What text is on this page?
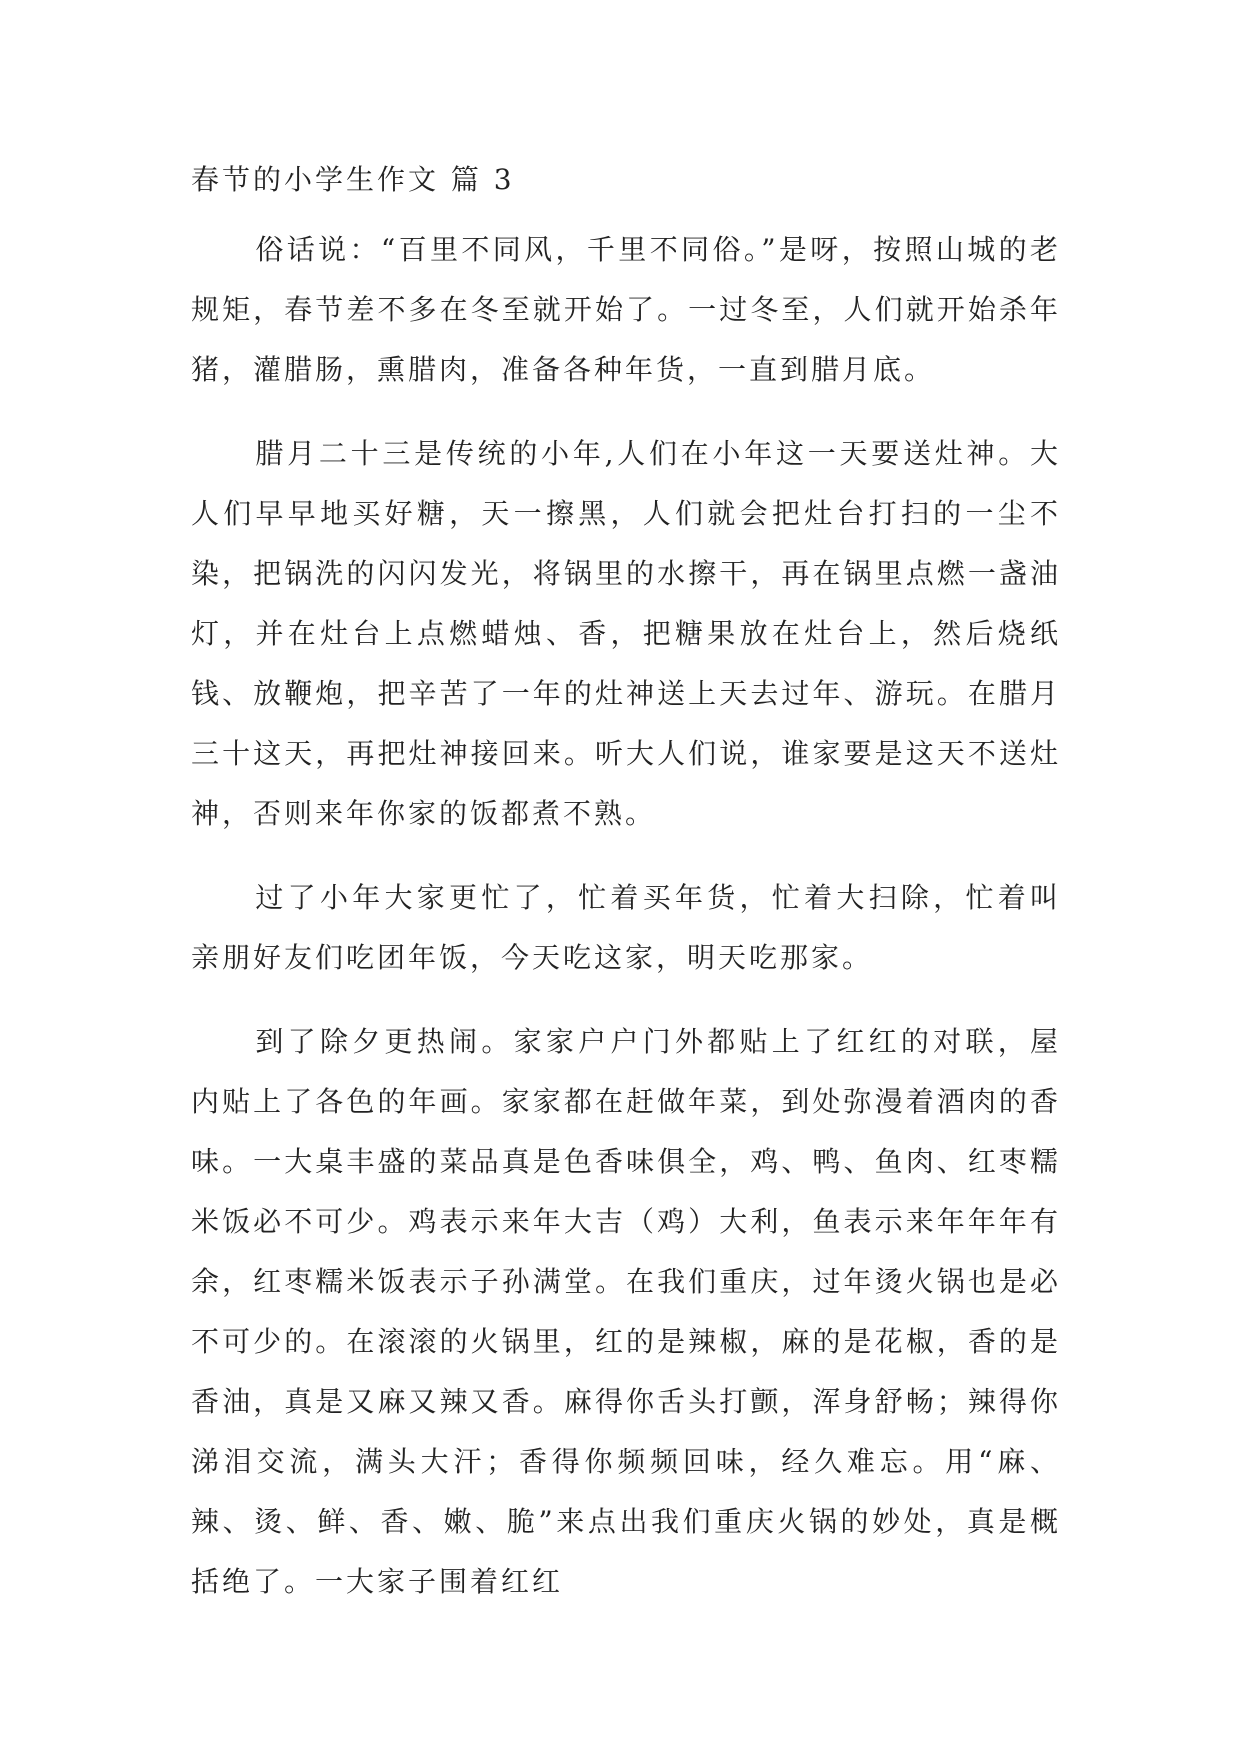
春节的小学生作文 篇 3

俗话说：“百里不同风，千里不同俗。”是呀，按照山城的老规矩，春节差不多在冬至就开始了。一过冬至，人们就开始杀年猪，灌腊肠，熏腊肉，准备各种年货，一直到腊月底。

腊月二十三是传统的小年,人们在小年这一天要送灶神。大人们早早地买好糖，天一擦黑，人们就会把灶台打扫的一尘不染，把锅洗的闪闪发光，将锅里的水擦干，再在锅里点燃一盏油灯，并在灶台上点燃蜡烛、香，把糖果放在灶台上，然后烧纸钱、放鞭炮，把辛苦了一年的灶神送上天去过年、游玩。在腊月三十这天，再把灶神接回来。听大人们说，谁家要是这天不送灶神，否则来年你家的饭都煮不熟。

过了小年大家更忙了，忙着买年货，忙着大扫除，忙着叫亲朋好友们吃团年饭，今天吃这家，明天吃那家。

到了除夕更热闹。家家户户门外都贴上了红红的对联，屋内贴上了各色的年画。家家都在赶做年菜，到处弥漫着酒肉的香味。一大桌丰盛的菜品真是色香味俱全，鸡、鸭、鱼肉、红枣糯米饭必不可少。鸡表示来年大吉（鸡）大利，鱼表示来年年年有余，红枣糯米饭表示子孙满堂。在我们重庆，过年烫火锅也是必不可少的。在滚滚的火锅里，红的是辣椒，麻的是花椒，香的是香油，真是又麻又辣又香。麻得你舌头打颤，浑身舒畅；辣得你涕泪交流，满头大汗；香得你频频回味，经久难忘。用“麻、辣、烫、鲜、香、嫩、脆”来点出我们重庆火锅的妙处，真是概括绝了。一大家子围着红红
